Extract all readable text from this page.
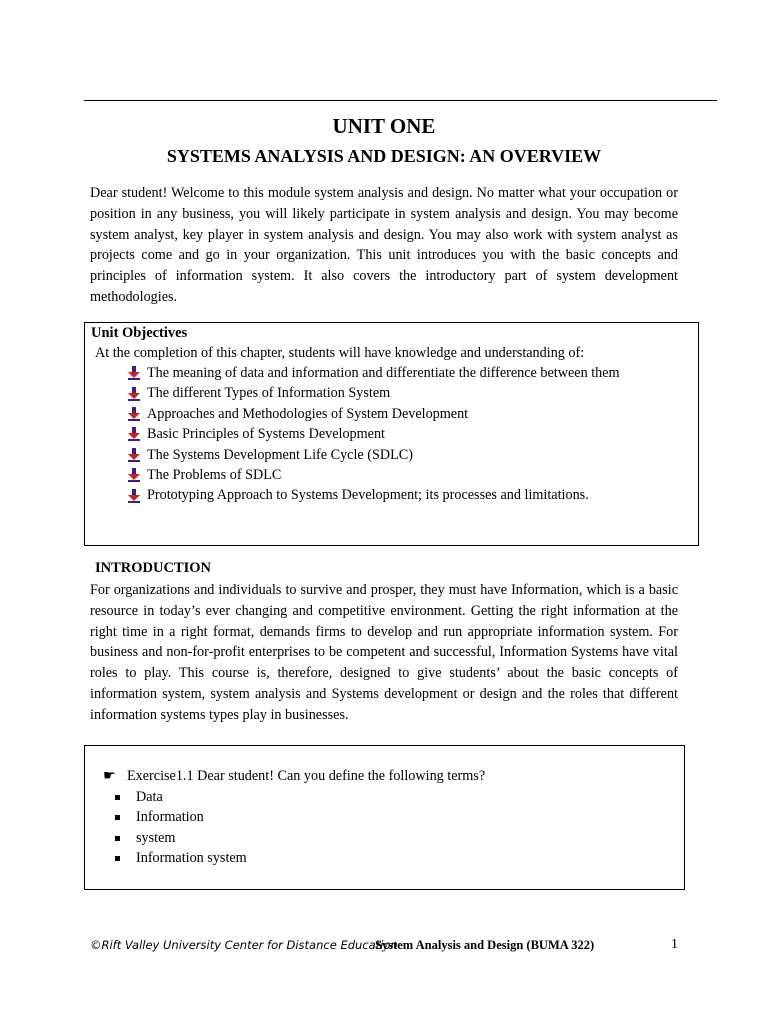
UNIT ONE
SYSTEMS ANALYSIS AND DESIGN: AN OVERVIEW

Dear student! Welcome to this module system analysis and design. No matter what your occupation or position in any business, you will likely participate in system analysis and design. You may become system analyst, key player in system analysis and design. You may also work with system analyst as projects come and go in your organization. This unit introduces you with the basic concepts and principles of information system. It also covers the introductory part of system development methodologies.

Unit Objectives
At the completion of this chapter, students will have knowledge and understanding of:
The meaning of data and information and differentiate the difference between them
The different Types of Information System
Approaches and Methodologies of System Development
Basic Principles of Systems Development
The Systems Development Life Cycle (SDLC)
The Problems of SDLC
Prototyping Approach to Systems Development; its processes and limitations.
INTRODUCTION

For organizations and individuals to survive and prosper, they must have Information, which is a basic resource in today’s ever changing and competitive environment. Getting the right information at the right time in a right format, demands firms to develop and run appropriate information system. For business and non-for-profit enterprises to be competent and successful, Information Systems have vital roles to play. This course is, therefore, designed to give students’ about the basic concepts of information system, system analysis and Systems development or design and the roles that different information systems types play in businesses.

☛ Exercise1.1 Dear student! Can you define the following terms?
Data
Information
system
Information system
©Rift Valley University Center for Distance Education
System Analysis and Design (BUMA 322)	1
